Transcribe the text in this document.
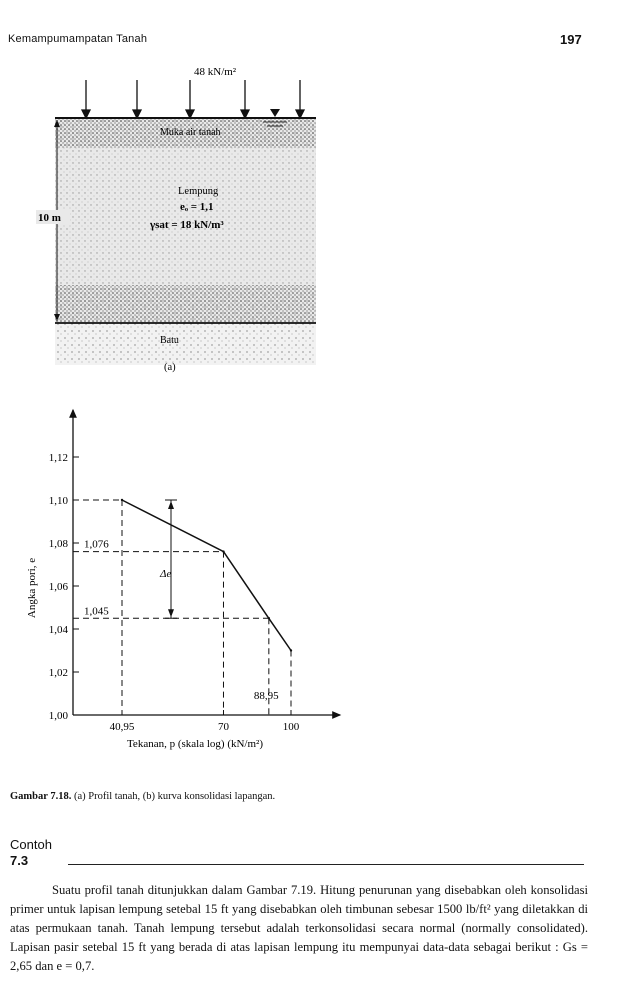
Kemampumampatan Tanah	197
48 kN/m²
Muka air tanah
Lempung
eₒ = 1,1
γsat = 18 kN/m³
10 m
Batu
(a)
1,00
1,02
1,04
1,06
1,08
1,10
1,12
40,95	70	100
1,076
1,045
88,95
Δe
Angka pori, e
Tekanan, p (skala log) (kN/m²)
Gambar 7.18. (a) Profil tanah, (b) kurva konsolidasi lapangan.
Contoh
7.3

Suatu profil tanah ditunjukkan dalam Gambar 7.19. Hitung penurunan yang disebabkan oleh konsolidasi primer untuk lapisan lempung setebal 15 ft yang disebabkan oleh timbunan sebesar 1500 lb/ft² yang diletakkan di atas permukaan tanah. Tanah lempung tersebut adalah terkonsolidasi secara normal (normally consolidated). Lapisan pasir setebal 15 ft yang berada di atas lapisan lempung itu mempunyai data-data sebagai berikut : Gs = 2,65 dan e = 0,7.
